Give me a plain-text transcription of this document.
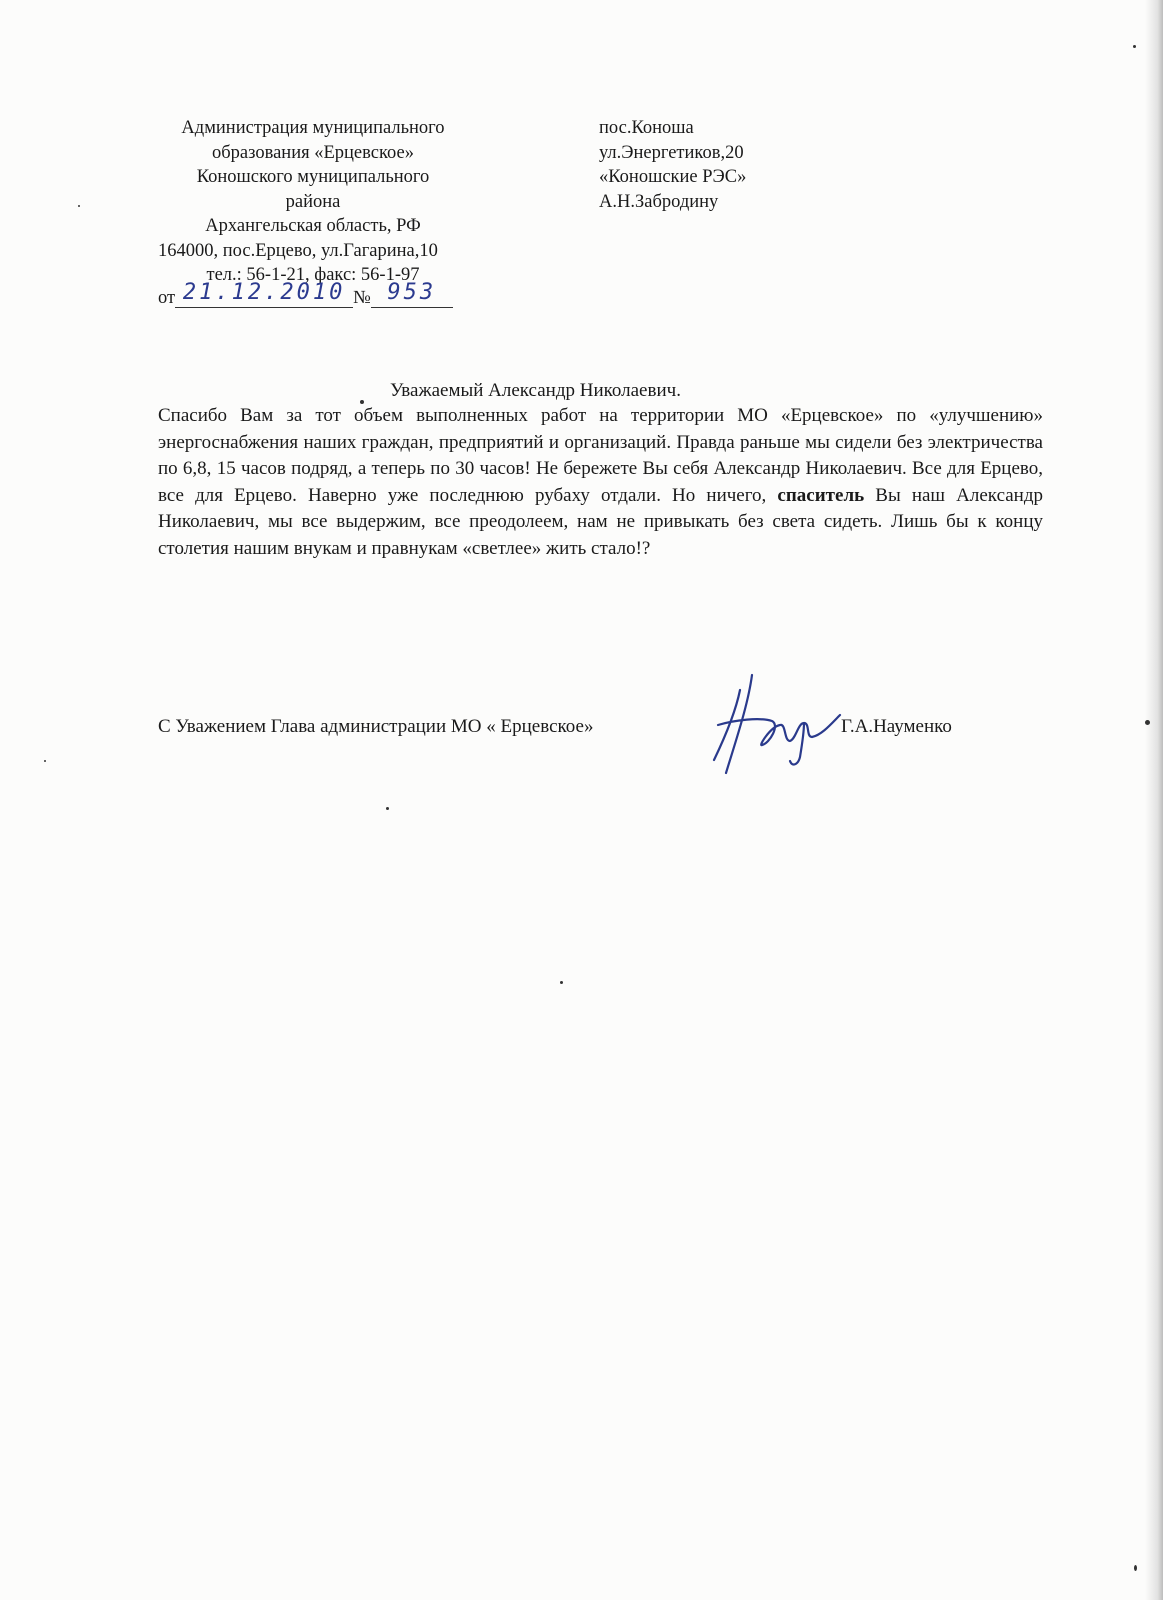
Администрация муниципального
образования «Ерцевское»
Коношского муниципального
района
Архангельская область, РФ
164000, пос.Ерцево, ул.Гагарина,10
тел.: 56-1-21, факс: 56-1-97
от 21.12.2010 № 953
пос.Коноша
ул.Энергетиков,20
«Коношские РЭС»
А.Н.Забродину
Уважаемый Александр Николаевич.
Спасибо Вам за тот объем выполненных работ на территории МО «Ерцевское» по «улучшению» энергоснабжения наших граждан, предприятий и организаций. Правда раньше мы сидели без электричества по 6,8, 15 часов подряд, а теперь по 30 часов! Не бережете Вы себя Александр Николаевич. Все для Ерцево, все для Ерцево. Наверно уже последнюю рубаху отдали. Но ничего, спаситель Вы наш Александр Николаевич, мы все выдержим, все преодолеем, нам не привыкать без света сидеть. Лишь бы к концу столетия нашим внукам и правнукам «светлее» жить стало!?
С Уважением Глава администрации МО « Ерцевское»	Г.А.Науменко
